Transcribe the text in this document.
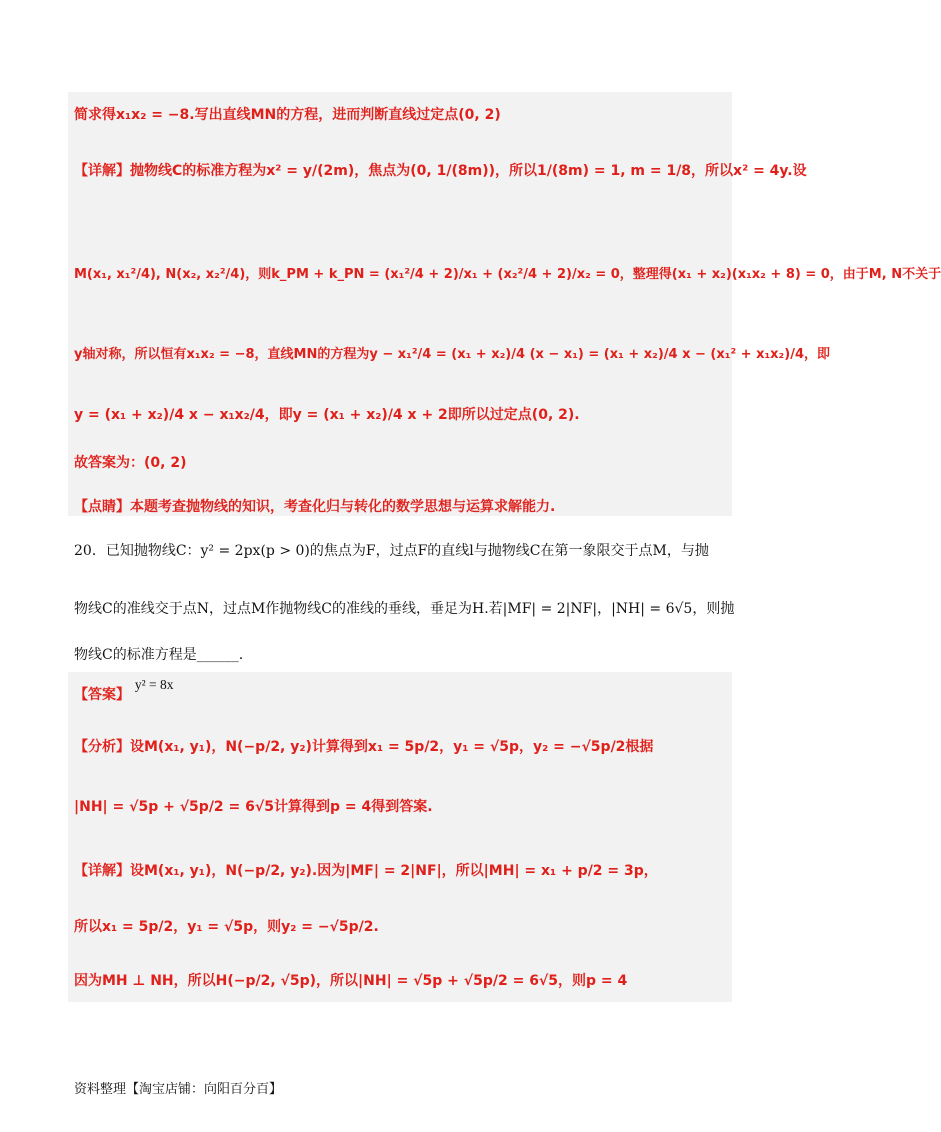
简求得x₁x₂ = −8.写出直线MN的方程，进而判断直线过定点(0, 2)
【详解】抛物线C的标准方程为x² = y/(2m)，焦点为(0, 1/(8m))，所以1/(8m) = 1, m = 1/8，所以x² = 4y.设
M(x₁, x₁²/4), N(x₂, x₂²/4)，则k_PM + k_PN = (x₁²/4 + 2)/x₁ + (x₂²/4 + 2)/x₂ = 0，整理得(x₁ + x₂)(x₁x₂ + 8) = 0，由于M, N不关于
y轴对称，所以恒有x₁x₂ = −8，直线MN的方程为y − x₁²/4 = (x₁ + x₂)/4 (x − x₁) = (x₁ + x₂)/4 x − (x₁² + x₁x₂)/4，即
y = (x₁ + x₂)/4 x − x₁x₂/4，即y = (x₁ + x₂)/4 x + 2即所以过定点(0, 2).
故答案为：(0, 2)
【点睛】本题考查抛物线的知识，考查化归与转化的数学思想与运算求解能力.
20．已知抛物线C：y² = 2px(p > 0)的焦点为F，过点F的直线l与抛物线C在第一象限交于点M，与抛
物线C的准线交于点N，过点M作抛物线C的准线的垂线，垂足为H.若|MF| = 2|NF|，|NH| = 6√5，则抛
物线C的标准方程是______.
【答案】 y² = 8x
【分析】设M(x₁, y₁)，N(−p/2, y₂)计算得到x₁ = 5p/2，y₁ = √5p，y₂ = −√5p/2根据
|NH| = √5p + √5p/2 = 6√5计算得到p = 4得到答案.
【详解】设M(x₁, y₁)，N(−p/2, y₂).因为|MF| = 2|NF|，所以|MH| = x₁ + p/2 = 3p，
所以x₁ = 5p/2，y₁ = √5p，则y₂ = −√5p/2.
因为MH ⊥ NH，所以H(−p/2, √5p)，所以|NH| = √5p + √5p/2 = 6√5，则p = 4
资料整理【淘宝店铺：向阳百分百】
